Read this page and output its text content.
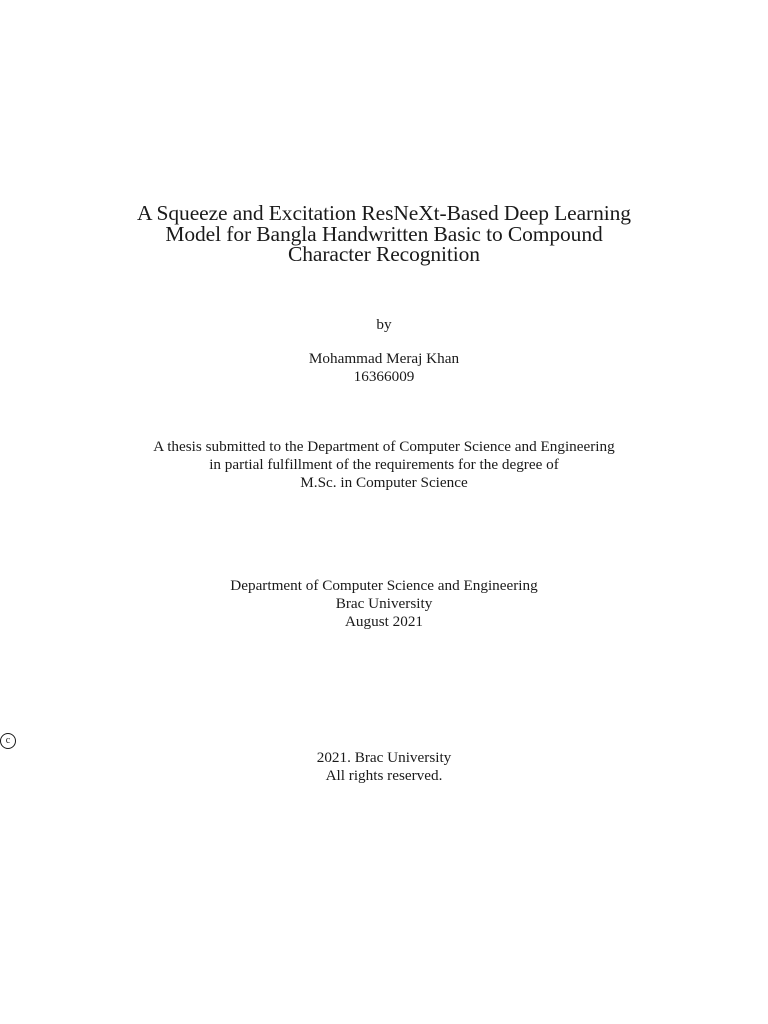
A Squeeze and Excitation ResNeXt-Based Deep Learning
Model for Bangla Handwritten Basic to Compound
Character Recognition
by
Mohammad Meraj Khan
16366009
A thesis submitted to the Department of Computer Science and Engineering
in partial fulfillment of the requirements for the degree of
M.Sc. in Computer Science
Department of Computer Science and Engineering
Brac University
August 2021
c
2021. Brac University
All rights reserved.
